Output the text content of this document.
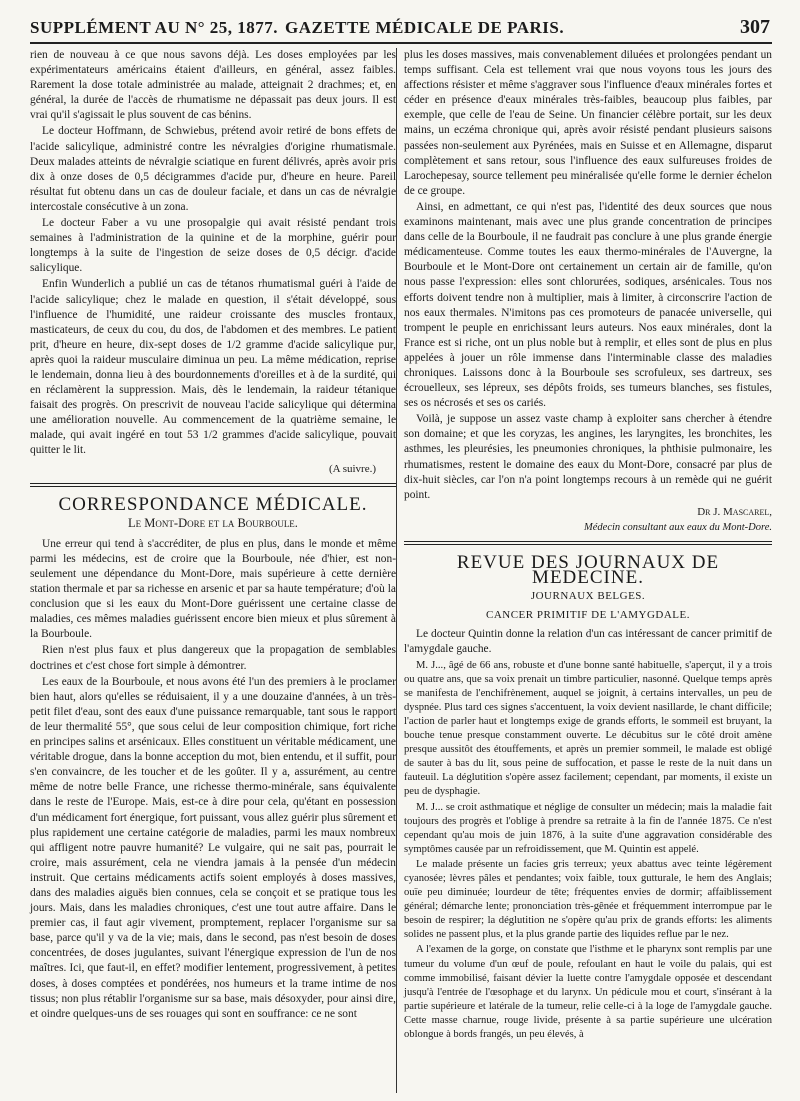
SUPPLÉMENT AU N° 25, 1877. GAZETTE MÉDICALE DE PARIS.	307

rien de nouveau à ce que nous savons déjà. Les doses employées par les expérimentateurs américains étaient d'ailleurs, en général, assez faibles. Rarement la dose totale administrée au malade, atteignait 2 drachmes; et, en général, la durée de l'accès de rhumatisme ne dépassait pas deux jours. Il est vrai qu'il s'agissait le plus souvent de cas bénins.

Le docteur Hoffmann, de Schwiebus, prétend avoir retiré de bons effets de l'acide salicylique, administré contre les névralgies d'origine rhumatismale. Deux malades atteints de névralgie sciatique en furent délivrés, après avoir pris dix à onze doses de 0,5 décigrammes d'acide pur, d'heure en heure. Pareil résultat fut obtenu dans un cas de douleur faciale, et dans un cas de névralgie intercostale consécutive à un zona.

Le docteur Faber a vu une prosopalgie qui avait résisté pendant trois semaines à l'administration de la quinine et de la morphine, guérir pour longtemps à la suite de l'ingestion de seize doses de 0,5 décigr. d'acide salicylique.

Enfin Wunderlich a publié un cas de tétanos rhumatismal guéri à l'aide de l'acide salicylique; chez le malade en question, il s'était développé, sous l'influence de l'humidité, une raideur croissante des muscles frontaux, masticateurs, de ceux du cou, du dos, de l'abdomen et des membres. Le patient prit, d'heure en heure, dix-sept doses de 1/2 gramme d'acide salicylique pur, après quoi la raideur musculaire diminua un peu. La même médication, reprise le lendemain, donna lieu à des bourdonnements d'oreilles et à de la surdité, qui en réclamèrent la suppression. Mais, dès le lendemain, la raideur tétanique faisait des progrès. On prescrivit de nouveau l'acide salicylique qui détermina une amélioration nouvelle. Au commencement de la quatrième semaine, le malade, qui avait ingéré en tout 53 1/2 grammes d'acide salicylique, pouvait quitter le lit.

(A suivre.)
CORRESPONDANCE MÉDICALE.
Le Mont-Dore et la Bourboule.

Une erreur qui tend à s'accréditer, de plus en plus, dans le monde et même parmi les médecins, est de croire que la Bourboule, née d'hier, est non-seulement une dépendance du Mont-Dore, mais supérieure à cette dernière station thermale et par sa richesse en arsenic et par sa haute température; d'où la conclusion que si les eaux du Mont-Dore guérissent une certaine classe de maladies, ces mêmes maladies guérissent encore bien mieux et plus sûrement à la Bourboule.

Rien n'est plus faux et plus dangereux que la propagation de semblables doctrines et c'est chose fort simple à démontrer.

Les eaux de la Bourboule, et nous avons été l'un des premiers à le proclamer bien haut, alors qu'elles se réduisaient, il y a une douzaine d'années, à un très-petit filet d'eau, sont des eaux d'une puissance remarquable, tant sous le rapport de leur thermalité 55°, que sous celui de leur composition chimique, fort riche en principes salins et arsénicaux. Elles constituent un véritable médicament, une véritable drogue, dans la bonne acception du mot, bien entendu, et il suffit, pour s'en convaincre, de les toucher et de les goûter. Il y a, assurément, au centre même de notre belle France, une richesse thermo-minérale, sans équivalente dans le reste de l'Europe. Mais, est-ce à dire pour cela, qu'étant en possession d'un médicament fort énergique, fort puissant, vous allez guérir plus sûrement et plus rapidement une certaine catégorie de maladies, parmi les maux nombreux qui affligent notre pauvre humanité? Le vulgaire, qui ne sait pas, pourrait le croire, mais assurément, cela ne viendra jamais à la pensée d'un médecin instruit. Que certains médicaments actifs soient employés à doses massives, dans des maladies aiguës bien connues, cela se conçoit et se pratique tous les jours. Mais, dans les maladies chroniques, c'est une tout autre affaire. Dans le premier cas, il faut agir vivement, promptement, replacer l'organisme sur sa base, parce qu'il y va de la vie; mais, dans le second, pas n'est besoin de doses concentrées, de doses jugulantes, suivant l'énergique expression de l'un de nos maîtres. Ici, que faut-il, en effet? modifier lentement, progressivement, à petites doses, à doses comptées et pondérées, nos humeurs et la trame intime de nos tissus; non plus rétablir l'organisme sur sa base, mais désoxyder, pour ainsi dire, et oindre quelques-uns de ses rouages qui sont en souffrance: ce ne sont

plus les doses massives, mais convenablement diluées et prolongées pendant un temps suffisant. Cela est tellement vrai que nous voyons tous les jours des affections résister et même s'aggraver sous l'influence d'eaux minérales fortes et céder en présence d'eaux minérales très-faibles, beaucoup plus faibles, par exemple, que celle de l'eau de Seine. Un financier célèbre portait, sur les deux mains, un eczéma chronique qui, après avoir résisté pendant plusieurs saisons passées non-seulement aux Pyrénées, mais en Suisse et en Allemagne, disparut complètement et sans retour, sous l'influence des eaux sulfureuses froides de Larochepesay, source tellement peu minéralisée qu'elle forme le dernier échelon de ce groupe.

Ainsi, en admettant, ce qui n'est pas, l'identité des deux sources que nous examinons maintenant, mais avec une plus grande concentration de principes dans celle de la Bourboule, il ne faudrait pas conclure à une plus grande énergie médicamenteuse. Comme toutes les eaux thermo-minérales de l'Auvergne, la Bourboule et le Mont-Dore ont certainement un certain air de famille, qu'on nous passe l'expression: elles sont chlorurées, sodiques, arsénicales. Tous nos efforts doivent tendre non à multiplier, mais à limiter, à circonscrire l'action de nos eaux thermales. N'imitons pas ces promoteurs de panacée universelle, qui trompent le peuple en enrichissant leurs auteurs. Nos eaux minérales, dont la France est si riche, ont un plus noble but à remplir, et elles sont de plus en plus appelées à jouer un rôle immense dans l'interminable classe des maladies chroniques. Laissons donc à la Bourboule ses scrofuleux, ses dartreux, ses écrouelleux, ses lépreux, ses dépôts froids, ses tumeurs blanches, ses fistules, ses os nécrosés et ses os cariés.

Voilà, je suppose un assez vaste champ à exploiter sans chercher à étendre son domaine; et que les coryzas, les angines, les laryngites, les bronchites, les asthmes, les pleurésies, les pneumonies chroniques, la phthisie pulmonaire, les rhumatismes, restent le domaine des eaux du Mont-Dore, consacré par plus de dix-huit siècles, car l'on n'a point longtemps recours à un remède qui ne guérit point.

Dr J. Mascarel,
Médecin consultant aux eaux du Mont-Dore.
REVUE DES JOURNAUX DE MEDECINE.
JOURNAUX BELGES.
CANCER PRIMITIF DE L'AMYGDALE.

Le docteur Quintin donne la relation d'un cas intéressant de cancer primitif de l'amygdale gauche.

M. J..., âgé de 66 ans, robuste et d'une bonne santé habituelle, s'aperçut, il y a trois ou quatre ans, que sa voix prenait un timbre particulier, nasonné. Quelque temps après se manifesta de l'enchifrènement, auquel se joignit, à certains intervalles, un peu de dyspnée. Plus tard ces signes s'accentuent, la voix devient nasillarde, le chant difficile; l'action de parler haut et longtemps exige de grands efforts, le sommeil est bruyant, la bouche tenue presque constamment ouverte. Le décubitus sur le côté droit amène presque aussitôt des étouffements, et après un premier sommeil, le malade est obligé de sauter à bas du lit, sous peine de suffocation, et passe le reste de la nuit dans un fauteuil. La déglutition s'opère assez facilement; cependant, par moments, il existe un peu de dysphagie.

M. J... se croit asthmatique et néglige de consulter un médecin; mais la maladie fait toujours des progrès et l'oblige à prendre sa retraite à la fin de l'année 1875. Ce n'est cependant qu'au mois de juin 1876, à la suite d'une aggravation considérable des symptômes causée par un refroidissement, que M. Quintin est appelé.

Le malade présente un facies gris terreux; yeux abattus avec teinte légèrement cyanosée; lèvres pâles et pendantes; voix faible, toux gutturale, le hem des Anglais; ouïe peu diminuée; lourdeur de tête; fréquentes envies de dormir; affaiblissement général; démarche lente; prononciation très-gênée et fréquemment interrompue par le besoin de respirer; la déglutition ne s'opère qu'au prix de grands efforts: les aliments solides ne passent plus, et la plus grande partie des liquides reflue par le nez.

A l'examen de la gorge, on constate que l'isthme et le pharynx sont remplis par une tumeur du volume d'un œuf de poule, refoulant en haut le voile du palais, qui est comme immobilisé, faisant dévier la luette contre l'amygdale opposée et descendant jusqu'à l'entrée de l'œsophage et du larynx. Un pédicule mou et court, s'insérant à la partie supérieure et latérale de la tumeur, relie celle-ci à la loge de l'amygdale gauche. Cette masse charnue, rouge livide, présente à sa partie supérieure une ulcération oblongue à bords frangés, un peu élevés, à
